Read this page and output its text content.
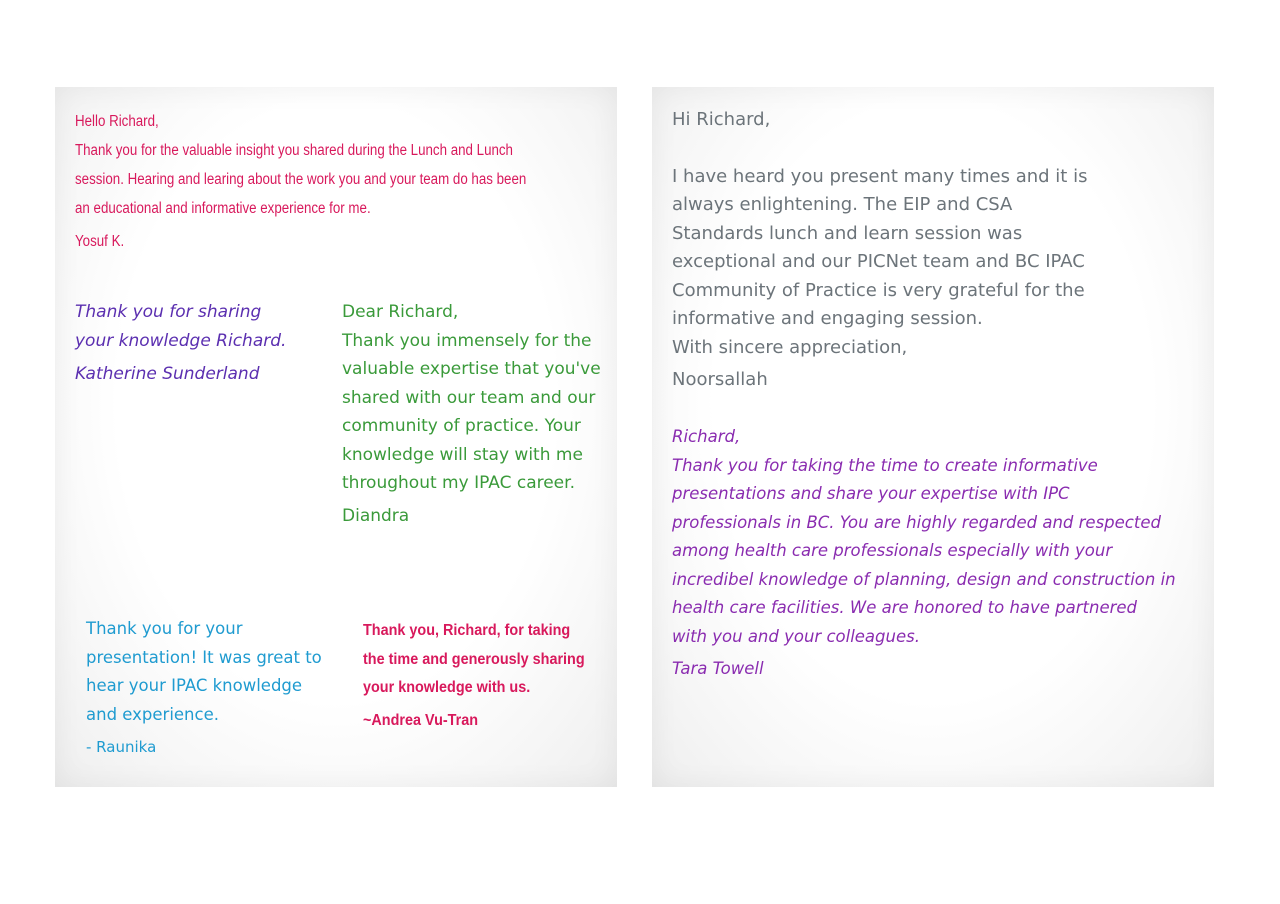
Hello Richard,
Thank you for the valuable insight you shared during the Lunch and Lunch
session. Hearing and learing about the work you and your team do has been
an educational and informative experience for me.

Yosuf K.

Thank you for sharing
your knowledge Richard.

Katherine Sunderland

Dear Richard,
Thank you immensely for the
valuable expertise that you've
shared with our team and our
community of practice. Your
knowledge will stay with me
throughout my IPAC career.

Diandra

Thank you for your
presentation! It was great to
hear your IPAC knowledge
and experience.

- Raunika

Thank you, Richard, for taking
the time and generously sharing
your knowledge with us.

~Andrea Vu-Tran

Hi Richard,

I have heard you present many times and it is
always enlightening. The EIP and CSA
Standards lunch and learn session was
exceptional and our PICNet team and BC IPAC
Community of Practice is very grateful for the
informative and engaging session.
With sincere appreciation,

Noorsallah

Richard,
Thank you for taking the time to create informative
presentations and share your expertise with IPC
professionals in BC. You are highly regarded and respected
among health care professionals especially with your
incredibel knowledge of planning, design and construction in
health care facilities. We are honored to have partnered
with you and your colleagues.

Tara Towell
